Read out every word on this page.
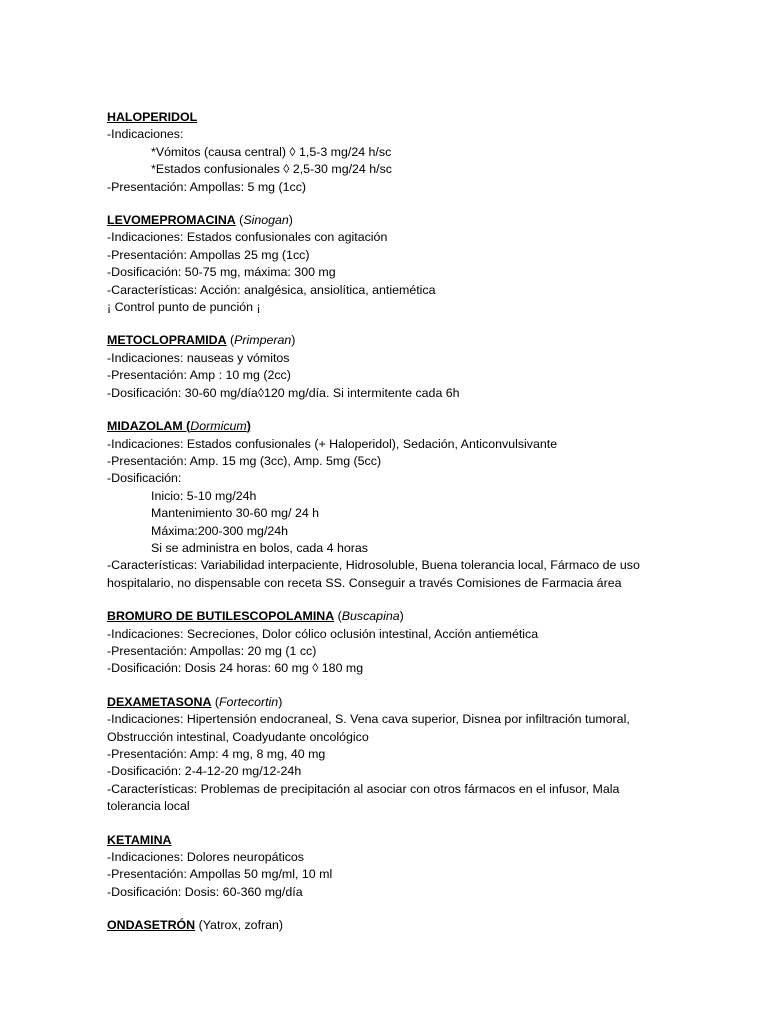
HALOPERIDOL
-Indicaciones:
*Vómitos (causa central) ◊ 1,5-3 mg/24 h/sc
*Estados confusionales ◊ 2,5-30 mg/24 h/sc
-Presentación: Ampollas: 5 mg (1cc)
LEVOMEPROMACINA (Sinogan)
-Indicaciones: Estados confusionales con agitación
-Presentación: Ampollas 25 mg (1cc)
-Dosificación: 50-75 mg, máxima: 300 mg
-Características: Acción: analgésica, ansiolítica, antiemética
¡ Control punto de punción ¡
METOCLOPRAMIDA (Primperan)
-Indicaciones: nauseas y vómitos
-Presentación: Amp : 10 mg (2cc)
-Dosificación: 30-60 mg/día◊120 mg/día. Si intermitente cada 6h
MIDAZOLAM (Dormicum)
-Indicaciones: Estados confusionales (+ Haloperidol), Sedación, Anticonvulsivante
-Presentación: Amp. 15 mg (3cc), Amp. 5mg (5cc)
-Dosificación:
Inicio: 5-10 mg/24h
Mantenimiento 30-60 mg/ 24 h
Máxima:200-300 mg/24h
Si se administra en bolos, cada 4 horas
-Características: Variabilidad interpaciente, Hidrosoluble, Buena tolerancia local, Fármaco de uso
hospitalario, no dispensable con receta SS. Conseguir a través Comisiones de Farmacia área
BROMURO DE BUTILESCOPOLAMINA (Buscapina)
-Indicaciones: Secreciones, Dolor cólico oclusión intestinal, Acción antiemética
-Presentación: Ampollas: 20 mg (1 cc)
-Dosificación: Dosis 24 horas: 60 mg ◊ 180 mg
DEXAMETASONA (Fortecortin)
-Indicaciones: Hipertensión endocraneal, S. Vena cava superior, Disnea por infiltración tumoral,
Obstrucción intestinal, Coadyudante oncológico
-Presentación: Amp: 4 mg, 8 mg, 40 mg
-Dosificación: 2-4-12-20 mg/12-24h
-Características: Problemas de precipitación al asociar con otros fármacos en el infusor, Mala
tolerancia local
KETAMINA
-Indicaciones: Dolores neuropáticos
-Presentación: Ampollas 50 mg/ml, 10 ml
-Dosificación: Dosis: 60-360 mg/día
ONDASETRÓN (Yatrox, zofran)
